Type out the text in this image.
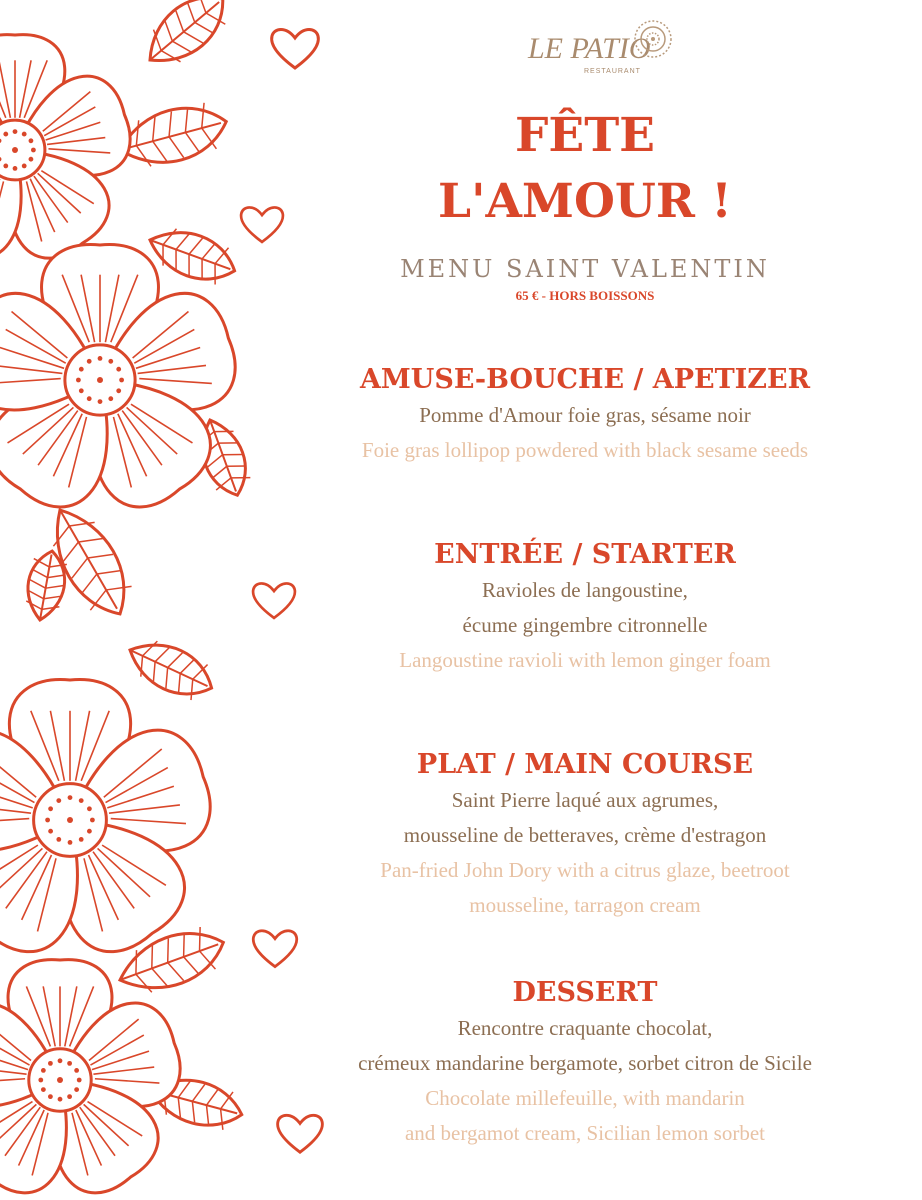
LE PATIO
RESTAURANT
FÊTE
L'AMOUR !
MENU SAINT VALENTIN
65 € - HORS BOISSONS
AMUSE-BOUCHE / APETIZER
Pomme d'Amour foie gras, sésame noir
Foie gras lollipop powdered with black sesame seeds
ENTRÉE / STARTER
Ravioles de langoustine,
écume gingembre citronnelle
Langoustine ravioli with lemon ginger foam
PLAT / MAIN COURSE
Saint Pierre laqué aux agrumes,
mousseline de betteraves, crème d'estragon
Pan-fried John Dory with a citrus glaze, beetroot
mousseline, tarragon cream
DESSERT
Rencontre craquante chocolat,
crémeux mandarine bergamote, sorbet citron de Sicile
Chocolate millefeuille, with mandarin
and bergamot cream, Sicilian lemon sorbet
